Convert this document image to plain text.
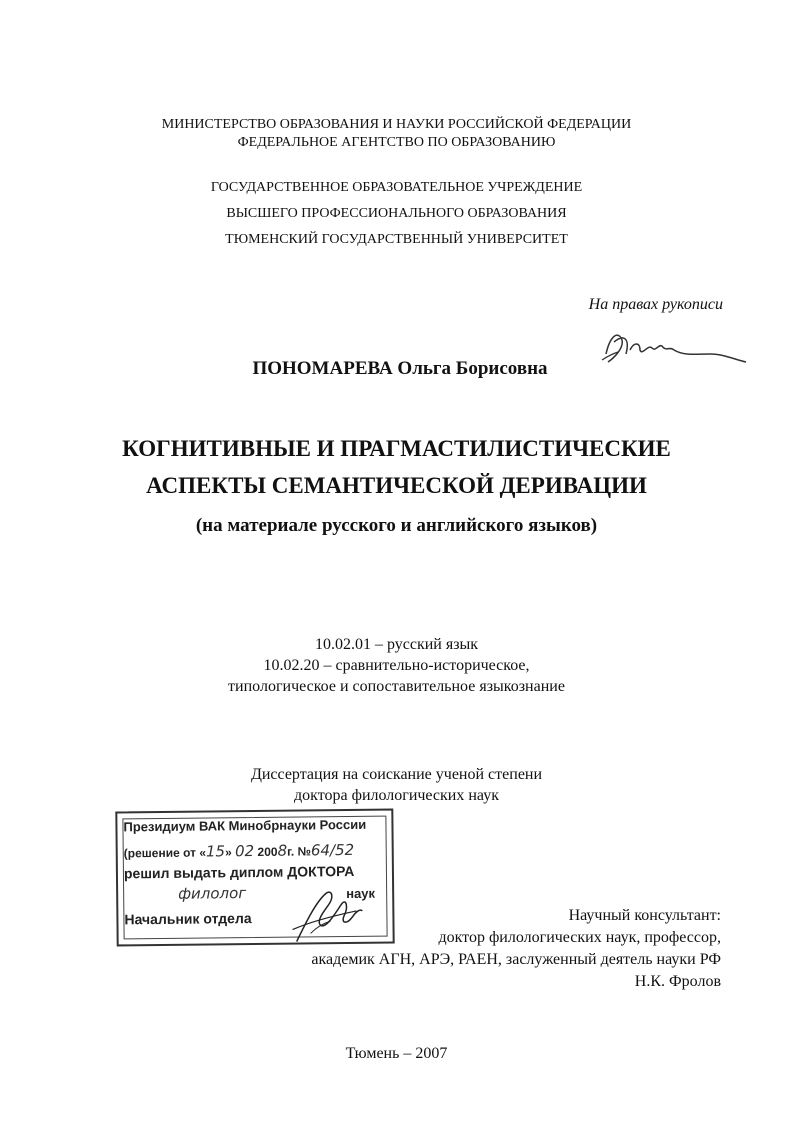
МИНИСТЕРСТВО ОБРАЗОВАНИЯ И НАУКИ РОССИЙСКОЙ ФЕДЕРАЦИИ
ФЕДЕРАЛЬНОЕ АГЕНТСТВО ПО ОБРАЗОВАНИЮ
ГОСУДАРСТВЕННОЕ ОБРАЗОВАТЕЛЬНОЕ УЧРЕЖДЕНИЕ
ВЫСШЕГО ПРОФЕССИОНАЛЬНОГО ОБРАЗОВАНИЯ
ТЮМЕНСКИЙ ГОСУДАРСТВЕННЫЙ УНИВЕРСИТЕТ
На правах рукописи
ПОНОМАРЕВА Ольга Борисовна
КОГНИТИВНЫЕ И ПРАГМАСТИЛИСТИЧЕСКИЕ
АСПЕКТЫ СЕМАНТИЧЕСКОЙ ДЕРИВАЦИИ
(на материале русского и английского языков)
10.02.01 – русский язык
10.02.20 – сравнительно-историческое,
типологическое и сопоставительное языкознание
Диссертация на соискание ученой степени
доктора филологических наук
Президиум ВАК Минобрнауки России
(решение от «15» 02 2008г. №64/52
решил выдать диплом ДОКТОРА
филолог	наук
Начальник отдела	Научный консультант:
доктор филологических наук, профессор,
академик АГН, АРЭ, РАЕН, заслуженный деятель науки РФ
Н.К. Фролов
Тюмень – 2007
